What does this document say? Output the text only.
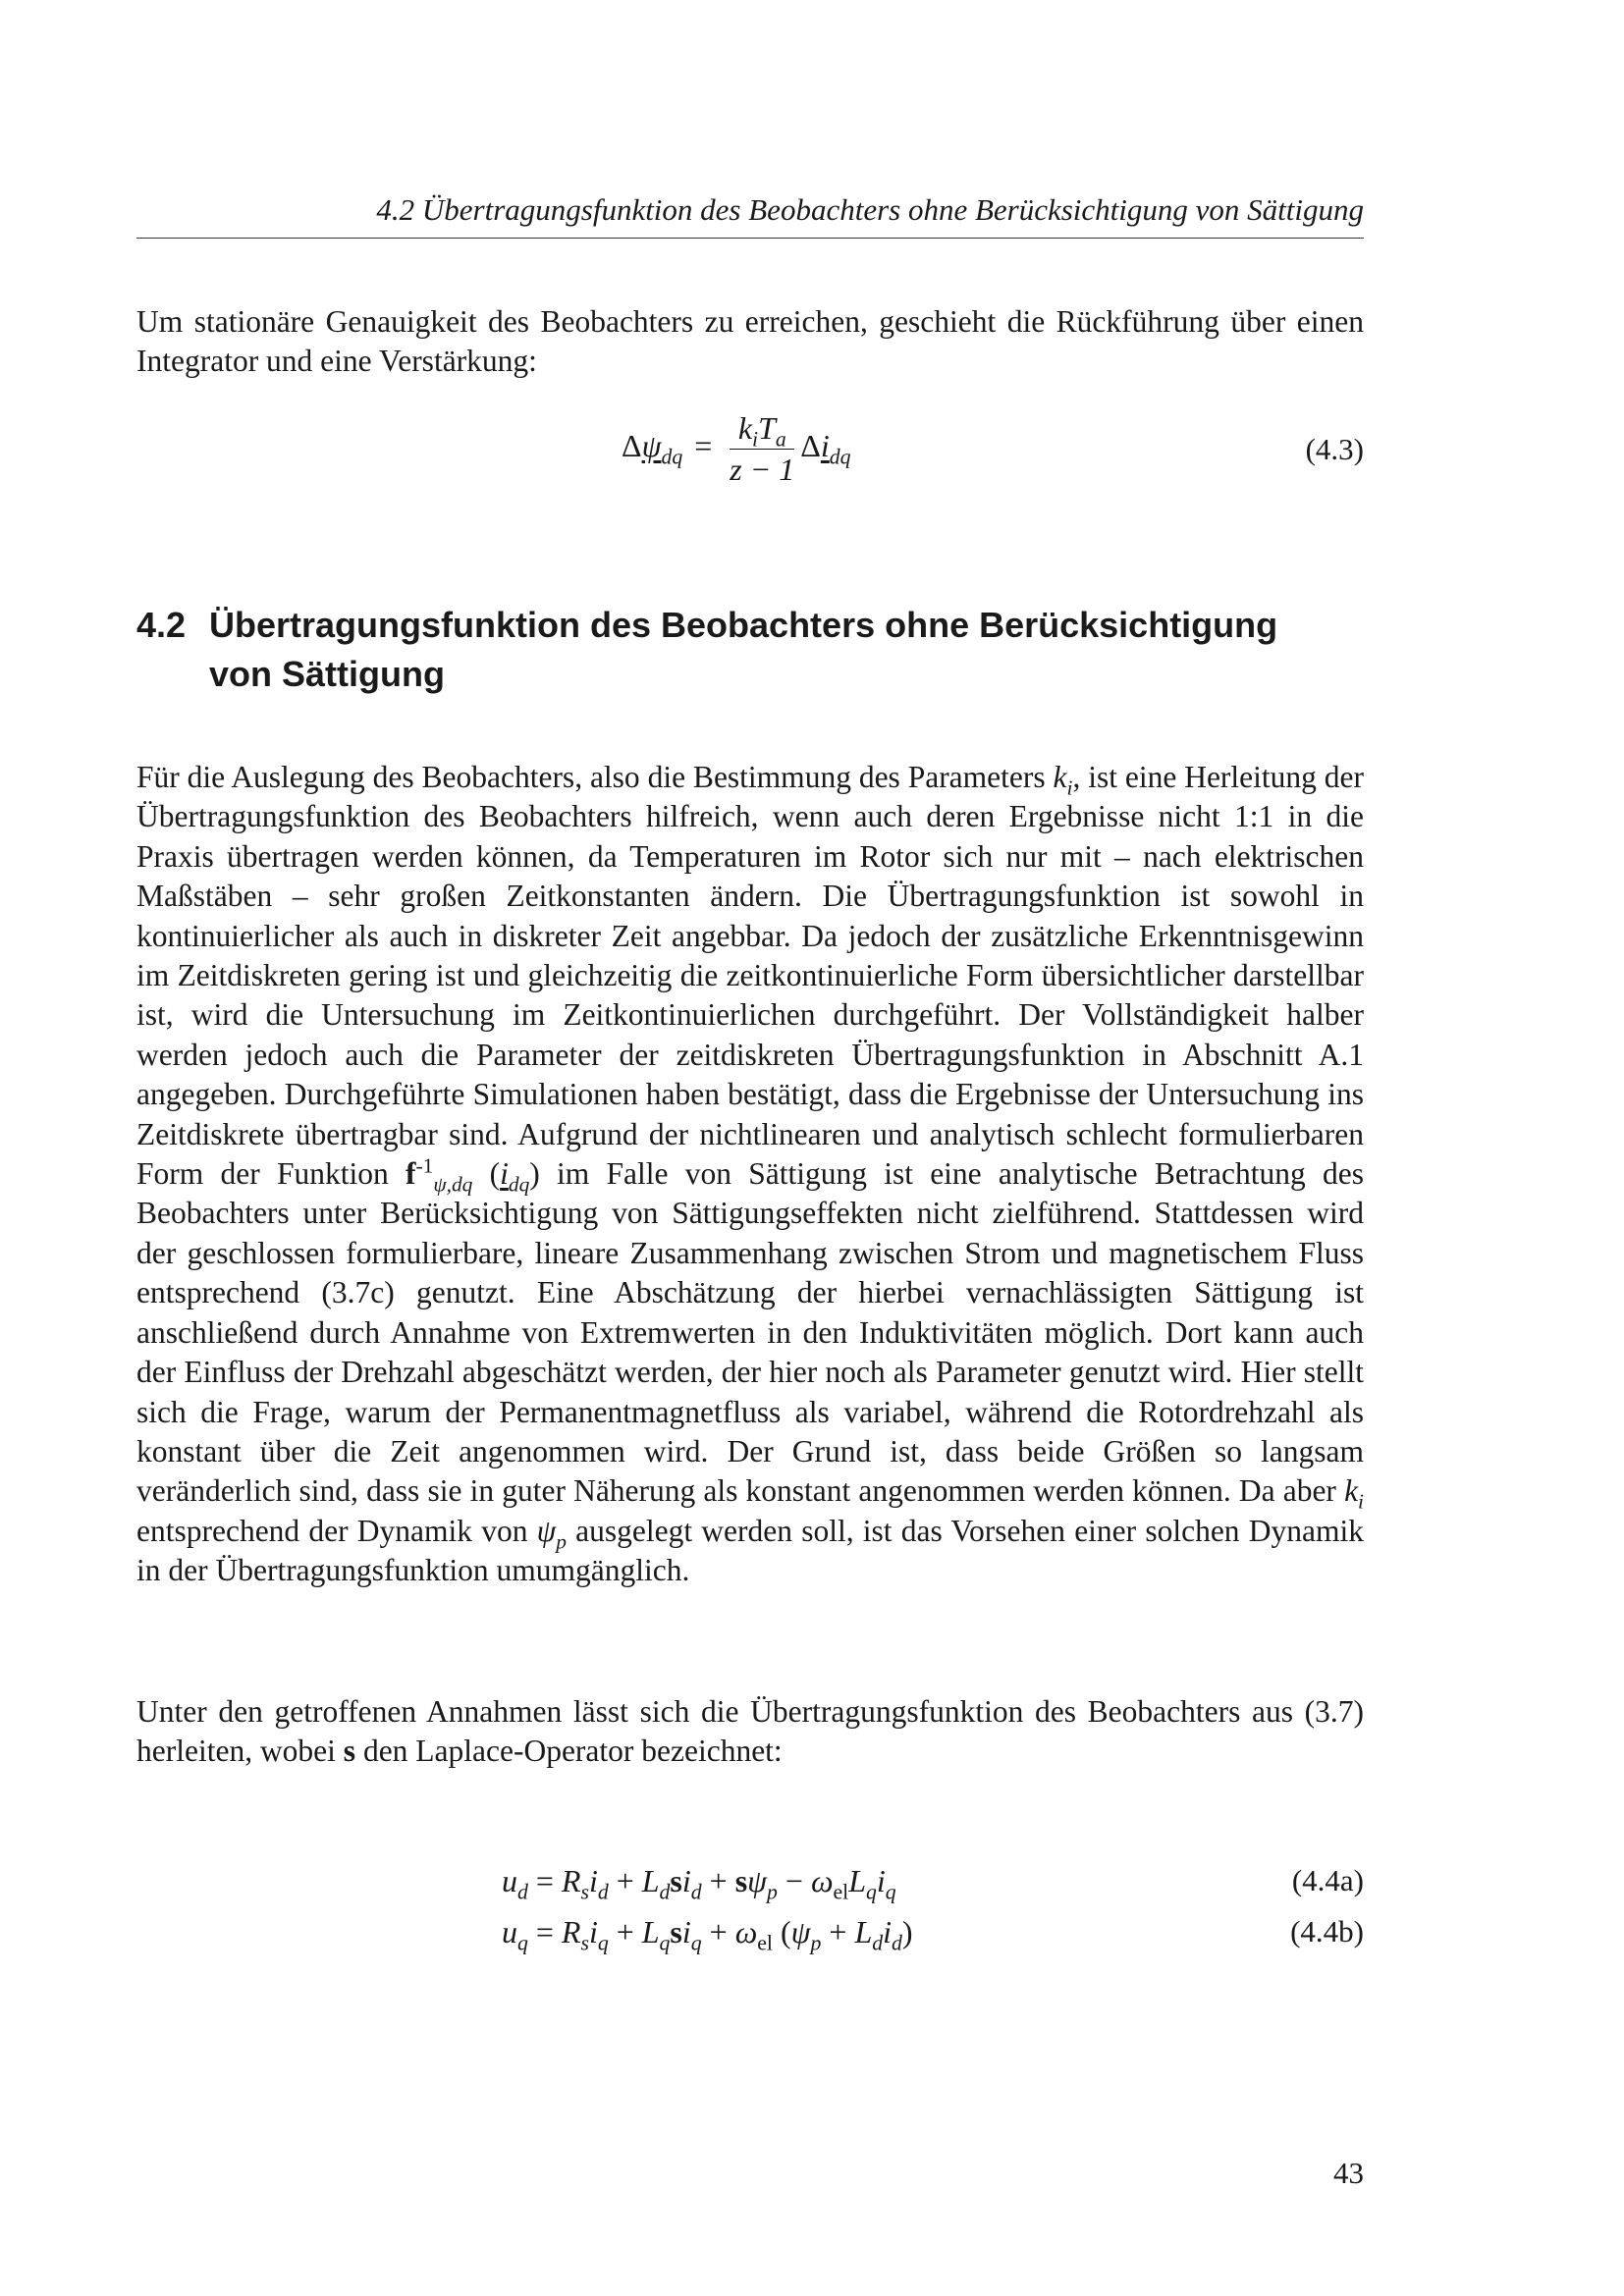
4.2 Übertragungsfunktion des Beobachters ohne Berücksichtigung von Sättigung
Um stationäre Genauigkeit des Beobachters zu erreichen, geschieht die Rückführung über einen Integrator und eine Verstärkung:
$\Delta\psi_{dq} = \frac{k_iT_a}{z - 1} \Delta i_{dq}$	(4.3)
4.2 Übertragungsfunktion des Beobachters ohne Berücksichtigung
von Sättigung
Für die Auslegung des Beobachters, also die Bestimmung des Parameters $k_i$, ist eine Herleitung der Übertragungsfunktion des Beobachters hilfreich, wenn auch deren Ergebnisse nicht 1:1 in die Praxis übertragen werden können, da Temperaturen im Rotor sich nur mit – nach elektrischen Maßstäben – sehr großen Zeitkonstanten ändern. Die Übertragungsfunktion ist sowohl in kontinuierlicher als auch in diskreter Zeit angebbar. Da jedoch der zusätzliche Erkenntnisgewinn im Zeitdiskreten gering ist und gleichzeitig die zeitkontinuierliche Form übersichtlicher darstellbar ist, wird die Untersuchung im Zeitkontinuierlichen durchgeführt. Der Vollständigkeit halber werden jedoch auch die Parameter der zeitdiskreten Übertragungsfunktion in Abschnitt A.1 angegeben. Durchgeführte Simulationen haben bestätigt, dass die Ergebnisse der Untersuchung ins Zeitdiskrete übertragbar sind. Aufgrund der nichtlinearen und analytisch schlecht formulierbaren Form der Funktion $f^{-1}_{\psi,dq}$ $(i_{dq})$ im Falle von Sättigung ist eine analytische Betrachtung des Beobachters unter Berücksichtigung von Sättigungseffekten nicht zielführend. Stattdessen wird der geschlossen formulierbare, lineare Zusammenhang zwischen Strom und magnetischem Fluss entsprechend (3.7c) genutzt. Eine Abschätzung der hierbei vernachlässigten Sättigung ist anschließend durch Annahme von Extremwerten in den Induktivitäten möglich. Dort kann auch der Einfluss der Drehzahl abgeschätzt werden, der hier noch als Parameter genutzt wird. Hier stellt sich die Frage, warum der Permanentmagnetfluss als variabel, während die Rotordrehzahl als konstant über die Zeit angenommen wird. Der Grund ist, dass beide Größen so langsam veränderlich sind, dass sie in guter Näherung als konstant angenommen werden können. Da aber $k_i$ entsprechend der Dynamik von $\psi_p$ ausgelegt werden soll, ist das Vorsehen einer solchen Dynamik in der Übertragungsfunktion umumgänglich.
Unter den getroffenen Annahmen lässt sich die Übertragungsfunktion des Beobachters aus (3.7) herleiten, wobei s den Laplace-Operator bezeichnet:
$u_d = R_si_d + L_dsi_d + s\psi_p - \omega_{el}L_qi_q$	(4.4a)
$u_q = R_si_q + L_qsi_q + \omega_{el}$ $(\psi_p + L_di_d)$	(4.4b)
43
